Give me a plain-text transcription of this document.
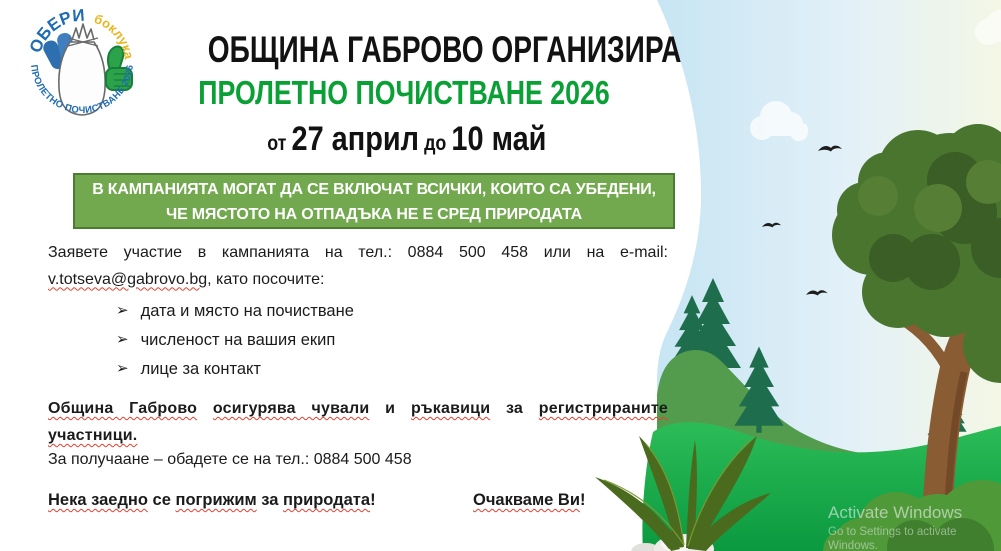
ОБЕРИ боклука
ПРОЛЕТНО ПОЧИСТВАНЕ 2026	ОБЩИНА ГАБРОВО ОРГАНИЗИРА
ПРОЛЕТНО ПОЧИСТВАНЕ 2026
от 27 април до 10 май
В КАМПАНИЯТА МОГАТ ДА СЕ ВКЛЮЧАТ ВСИЧКИ, КОИТО СА УБЕДЕНИ,
ЧЕ МЯСТОТО НА ОТПАДЪКА НЕ Е СРЕД ПРИРОДАТА
Заявете участие в кампанията на тел.: 0884 500 458 или на e-mail: v.totseva@gabrovo.bg, като посочите:
➢ дата и място на почистване
➢ численост на вашия екип
➢ лице за контакт
Община Габрово осигурява чували и ръкавици за регистрираните участници.
За получаане – обадете се на тел.: 0884 500 458
Нека заедно се погрижим за природата!	Очакваме Ви!
Activate Windows
Go to Settings to activate Windows.
